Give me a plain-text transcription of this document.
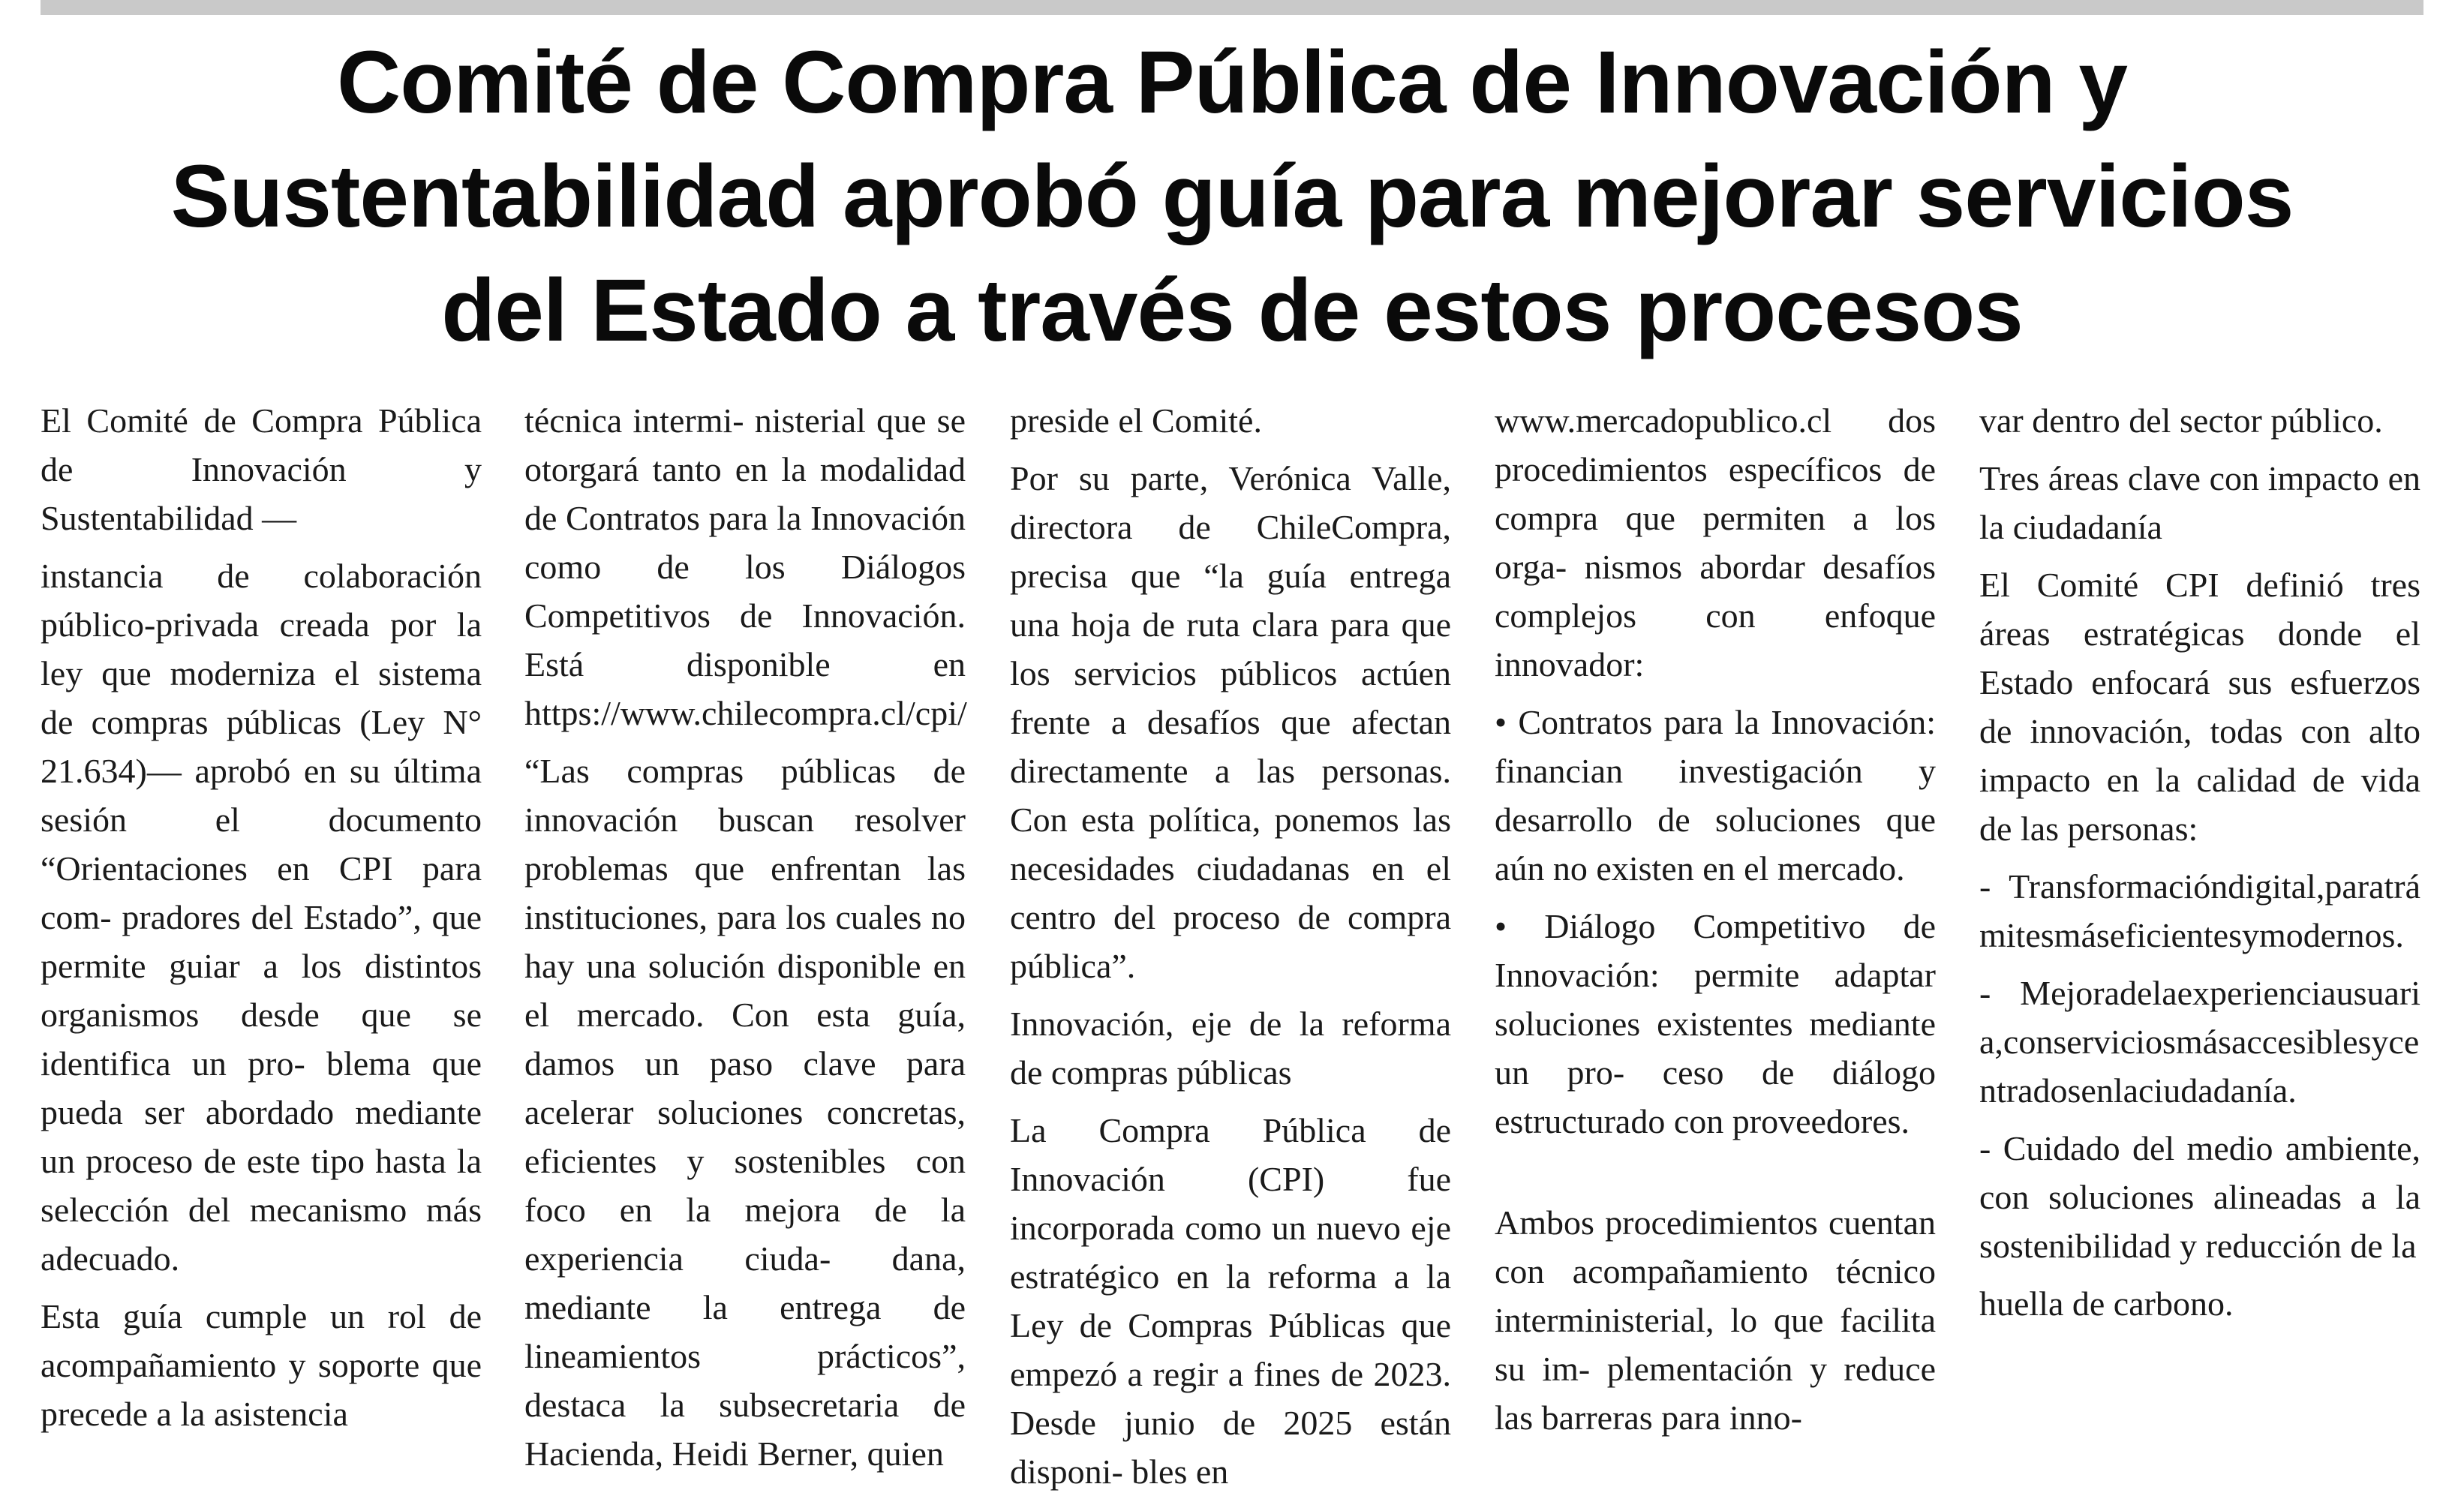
Comité de Compra Pública de Innovación y
Sustentabilidad aprobó guía para mejorar servicios
del Estado a través de estos procesos

El Comité de Compra Pública de Innovación y Sustentabilidad —

instancia de colaboración público-privada creada por la ley que moderniza el sistema de compras públicas (Ley N° 21.634)— aprobó en su última sesión el documento “Orientaciones en CPI para com- pradores del Estado”, que permite guiar a los distintos organismos desde que se identifica un pro- blema que pueda ser abordado mediante un proceso de este tipo hasta la selección del mecanismo más adecuado.

Esta guía cumple un rol de acompañamiento y soporte que precede a la asistencia

técnica intermi- nisterial que se otorgará tanto en la modalidad de Contratos para la Innovación como de los Diálogos Competitivos de Innovación. Está disponible en https://www.chilecompra.cl/cpi/

“Las compras públicas de innovación buscan resolver problemas que enfrentan las instituciones, para los cuales no hay una solución disponible en el mercado. Con esta guía, damos un paso clave para acelerar soluciones concretas, eficientes y sostenibles con foco en la mejora de la experiencia ciuda- dana, mediante la entrega de lineamientos prácticos”, destaca la subsecretaria de Hacienda, Heidi Berner, quien

preside el Comité.

Por su parte, Verónica Valle, directora de ChileCompra, precisa que “la guía entrega una hoja de ruta clara para que los servicios públicos actúen frente a desafíos que afectan directamente a las personas. Con esta política, ponemos las necesidades ciudadanas en el centro del proceso de compra pública”.

Innovación, eje de la reforma de compras públicas

La Compra Pública de Innovación (CPI) fue incorporada como un nuevo eje estratégico en la reforma a la Ley de Compras Públicas que empezó a regir a fines de 2023. Desde junio de 2025 están disponi- bles en

www.mercadopublico.cl dos procedimientos específicos de compra que permiten a los orga- nismos abordar desafíos complejos con enfoque innovador:

• Contratos para la Innovación: financian investigación y desarrollo de soluciones que aún no existen en el mercado.

• Diálogo Competitivo de Innovación: permite adaptar soluciones existentes mediante un pro- ceso de diálogo estructurado con proveedores.

Ambos procedimientos cuentan con acompañamiento técnico interministerial, lo que facilita su im- plementación y reduce las barreras para inno-

var dentro del sector público.

Tres áreas clave con impacto en la ciudadanía

El Comité CPI definió tres áreas estratégicas donde el Estado enfocará sus esfuerzos de innovación, todas con alto impacto en la calidad de vida de las personas:

- Transformacióndigital,paratrámitesmáseficientesymodernos.

- Mejoradelaexperienciausuaria,conserviciosmásaccesiblesycentradosenlaciudadanía.

- Cuidado del medio ambiente, con soluciones alineadas a la sostenibilidad y reducción de la

huella de carbono.
